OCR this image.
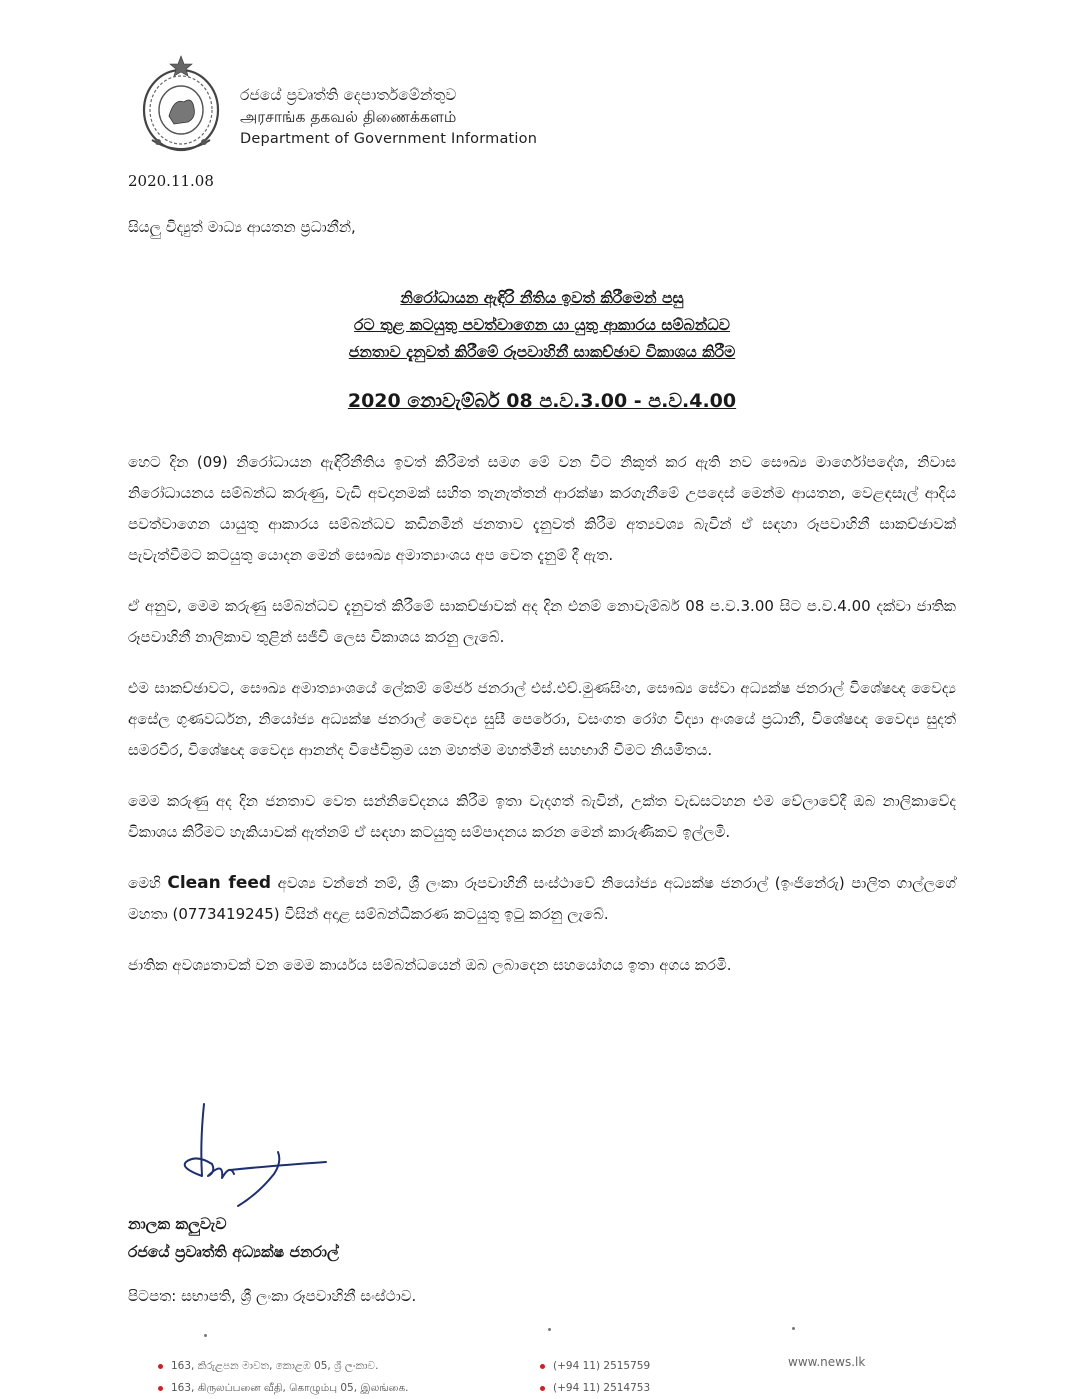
රජයේ ප්‍රවෘත්ති දෙපාර්තමේන්තුව
அரசாங்க தகவல் திணைக்களம்
Department of Government Information
2020.11.08
සියලු විද්‍යුත් මාධ්‍ය ආයතන ප්‍රධානීන්,
නිරෝධායන ඇඳිරි නීතිය ඉවත් කිරීමෙන් පසු
රට තුළ කටයුතු පවත්වාගෙන යා යුතු ආකාරය සම්බන්ධව
ජනතාව දැනුවත් කිරීමේ රූපවාහිනී සාකච්ඡාව විකාශය කිරීම
2020 නොවැම්බර් 08 ප.ව.3.00 - ප.ව.4.00

හෙට දින (09) නිරෝධායන ඇඳිරිනීතිය ඉවත් කිරීමත් සමග මේ වන විට නිකුත් කර ඇති නව සෞඛ්‍ය මාර්ගෝපදේශ, නිවාස නිරෝධායනය සම්බන්ධ කරුණු, වැඩි අවදානමක් සහිත තැනැත්තන් ආරක්ෂා කරගැනීමේ උපදෙස් මෙන්ම ආයතන, වෙළඳසැල් ආදිය පවත්වාගෙන යායුතු ආකාරය සම්බන්ධව කඩිනමින් ජනතාව දැනුවත් කිරීම අත්‍යවශ්‍ය බැවින් ඒ සඳහා රූපවාහිනී සාකච්ඡාවක් පැවැත්වීමට කටයුතු යොදන මෙන් සෞඛ්‍ය අමාත්‍යාංශය අප වෙත දැනුම් දී ඇත.

ඒ අනුව, මෙම කරුණු සම්බන්ධව දැනුවත් කිරීමේ සාකච්ඡාවක් අද දින එනම් නොවැම්බර් 08 ප.ව.3.00 සිට ප.ව.4.00 දක්වා ජාතික රූපවාහිනී නාලිකාව තුළින් සජීවී ලෙස විකාශය කරනු ලැබේ.

එම සාකච්ඡාවට, සෞඛ්‍ය අමාත්‍යාංශයේ ලේකම් මේජර් ජනරාල් එස්.එච්.මුණසිංහ, සෞඛ්‍ය සේවා අධ්‍යක්ෂ ජනරාල් විශේෂඥ වෛද්‍ය අසේල ගුණවර්ධන, නියෝජ්‍ය අධ්‍යක්ෂ ජනරාල් වෛද්‍ය සුසී පෙරේරා, වසංගත රෝග විද්‍යා අංශයේ ප්‍රධානී, විශේෂඥ වෛද්‍ය සුදත් සමරවීර, විශේෂඥ වෛද්‍ය ආනන්ද විජේවික්‍රම යන මහත්ම මහත්මීන් සහභාගි වීමට නියමිතය.

මෙම කරුණු අද දින ජනතාව වෙත සන්නිවේදනය කිරීම ඉතා වැදගත් බැවින්, උක්ත වැඩසටහන එම වේලාවේදී ඔබ නාලිකාවේද විකාශය කිරීමට හැකියාවක් ඇත්නම් ඒ සඳහා කටයුතු සම්පාදනය කරන මෙන් කාරුණිකව ඉල්ලමි.

මෙහි Clean feed අවශ්‍ය වන්නේ නම්, ශ්‍රී ලංකා රූපවාහිනී සංස්ථාවේ නියෝජ්‍ය අධ්‍යක්ෂ ජනරාල් (ඉංජිනේරු) පාලිත ගාල්ලගේ මහතා (0773419245) විසින් අදාළ සම්බන්ධීකරණ කටයුතු ඉටු කරනු ලැබේ.

ජාතික අවශ්‍යතාවක් වන මෙම කාර්යය සම්බන්ධයෙන් ඔබ ලබාදෙන සහයෝගය ඉතා අගය කරමි.

නාලක කලුවැව
රජයේ ප්‍රවෘත්ති අධ්‍යක්ෂ ජනරාල්
පිටපත: සභාපති, ශ්‍රී ලංකා රූපවාහිනී සංස්ථාව.
163, කිරුළපන මාවත, කොළඹ 05, ශ්‍රී ලංකාව.
163, கிருலப்பனை வீதி, கொழும்பு 05, இலங்கை.
(+94 11) 2515759
(+94 11) 2514753
www.news.lk
